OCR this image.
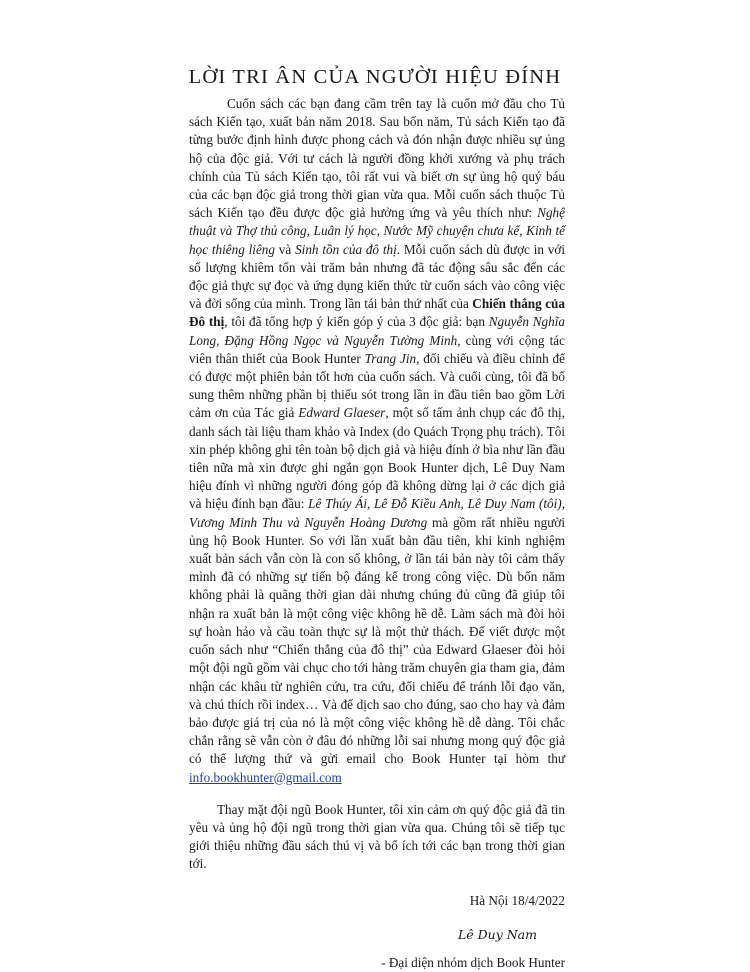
LỜI TRI ÂN CỦA NGƯỜI HIỆU ĐÍNH

Cuốn sách các bạn đang cầm trên tay là cuốn mở đầu cho Tủ sách Kiến tạo, xuất bản năm 2018. Sau bốn năm, Tủ sách Kiến tạo đã từng bước định hình được phong cách và đón nhận được nhiều sự ủng hộ của độc giả. Với tư cách là người đồng khởi xướng và phụ trách chính của Tủ sách Kiến tạo, tôi rất vui và biết ơn sự ủng hộ quý báu của các bạn độc giả trong thời gian vừa qua. Mỗi cuốn sách thuộc Tủ sách Kiến tạo đều được độc giả hưởng ứng và yêu thích như: Nghệ thuật và Thợ thủ công, Luân lý học, Nước Mỹ chuyện chưa kể, Kinh tế học thiêng liêng và Sinh tồn của đô thị. Mỗi cuốn sách dù được in với số lượng khiêm tốn vài trăm bản nhưng đã tác động sâu sắc đến các độc giả thực sự đọc và ứng dụng kiến thức từ cuốn sách vào công việc và đời sống của mình. Trong lần tái bản thứ nhất của Chiến thắng của Đô thị, tôi đã tổng hợp ý kiến góp ý của 3 độc giả: bạn Nguyễn Nghĩa Long, Đặng Hồng Ngọc và Nguyễn Tường Minh, cùng với cộng tác viên thân thiết của Book Hunter Trang Jin, đối chiếu và điều chỉnh để có được một phiên bản tốt hơn của cuốn sách. Và cuối cùng, tôi đã bổ sung thêm những phần bị thiếu sót trong lần in đầu tiên bao gồm Lời cảm ơn của Tác giả Edward Glaeser, một số tấm ảnh chụp các đô thị, danh sách tài liệu tham khảo và Index (do Quách Trọng phụ trách). Tôi xin phép không ghi tên toàn bộ dịch giả và hiệu đính ở bìa như lần đầu tiên nữa mà xin được ghi ngắn gọn Book Hunter dịch, Lê Duy Nam hiệu đính vì những người đóng góp đã không dừng lại ở các dịch giả và hiệu đính bạn đầu: Lê Thúy Ái, Lê Đỗ Kiều Anh, Lê Duy Nam (tôi), Vương Minh Thu và Nguyễn Hoàng Dương mà gồm rất nhiều người ủng hộ Book Hunter. So với lần xuất bản đầu tiên, khi kinh nghiệm xuất bản sách vẫn còn là con số không, ở lần tái bản này tôi cảm thấy mình đã có những sự tiến bộ đáng kể trong công việc. Dù bốn năm không phải là quãng thời gian dài nhưng chúng đủ cũng đã giúp tôi nhận ra xuất bản là một công việc không hề dễ. Làm sách mà đòi hỏi sự hoàn hảo và cầu toàn thực sự là một thử thách. Để viết được một cuốn sách như “Chiến thắng của đô thị” của Edward Glaeser đòi hỏi một đội ngũ gồm vài chục cho tới hàng trăm chuyên gia tham gia, đảm nhận các khâu từ nghiên cứu, tra cứu, đối chiếu để tránh lỗi đạo văn, và chú thích rồi index… Và để dịch sao cho đúng, sao cho hay và đảm bảo được giá trị của nó là một công việc không hề dễ dàng. Tôi chắc chắn rằng sẽ vẫn còn ở đâu đó những lỗi sai nhưng mong quý độc giả có thể lượng thứ và gửi email cho Book Hunter tại hòm thư info.bookhunter@gmail.com

Thay mặt đội ngũ Book Hunter, tôi xin cảm ơn quý độc giả đã tin yêu và ủng hộ đội ngũ trong thời gian vừa qua. Chúng tôi sẽ tiếp tục giới thiệu những đầu sách thú vị và bổ ích tới các bạn trong thời gian tới.

Hà Nội 18/4/2022

Lê Duy Nam

- Đại diện nhóm dịch Book Hunter
